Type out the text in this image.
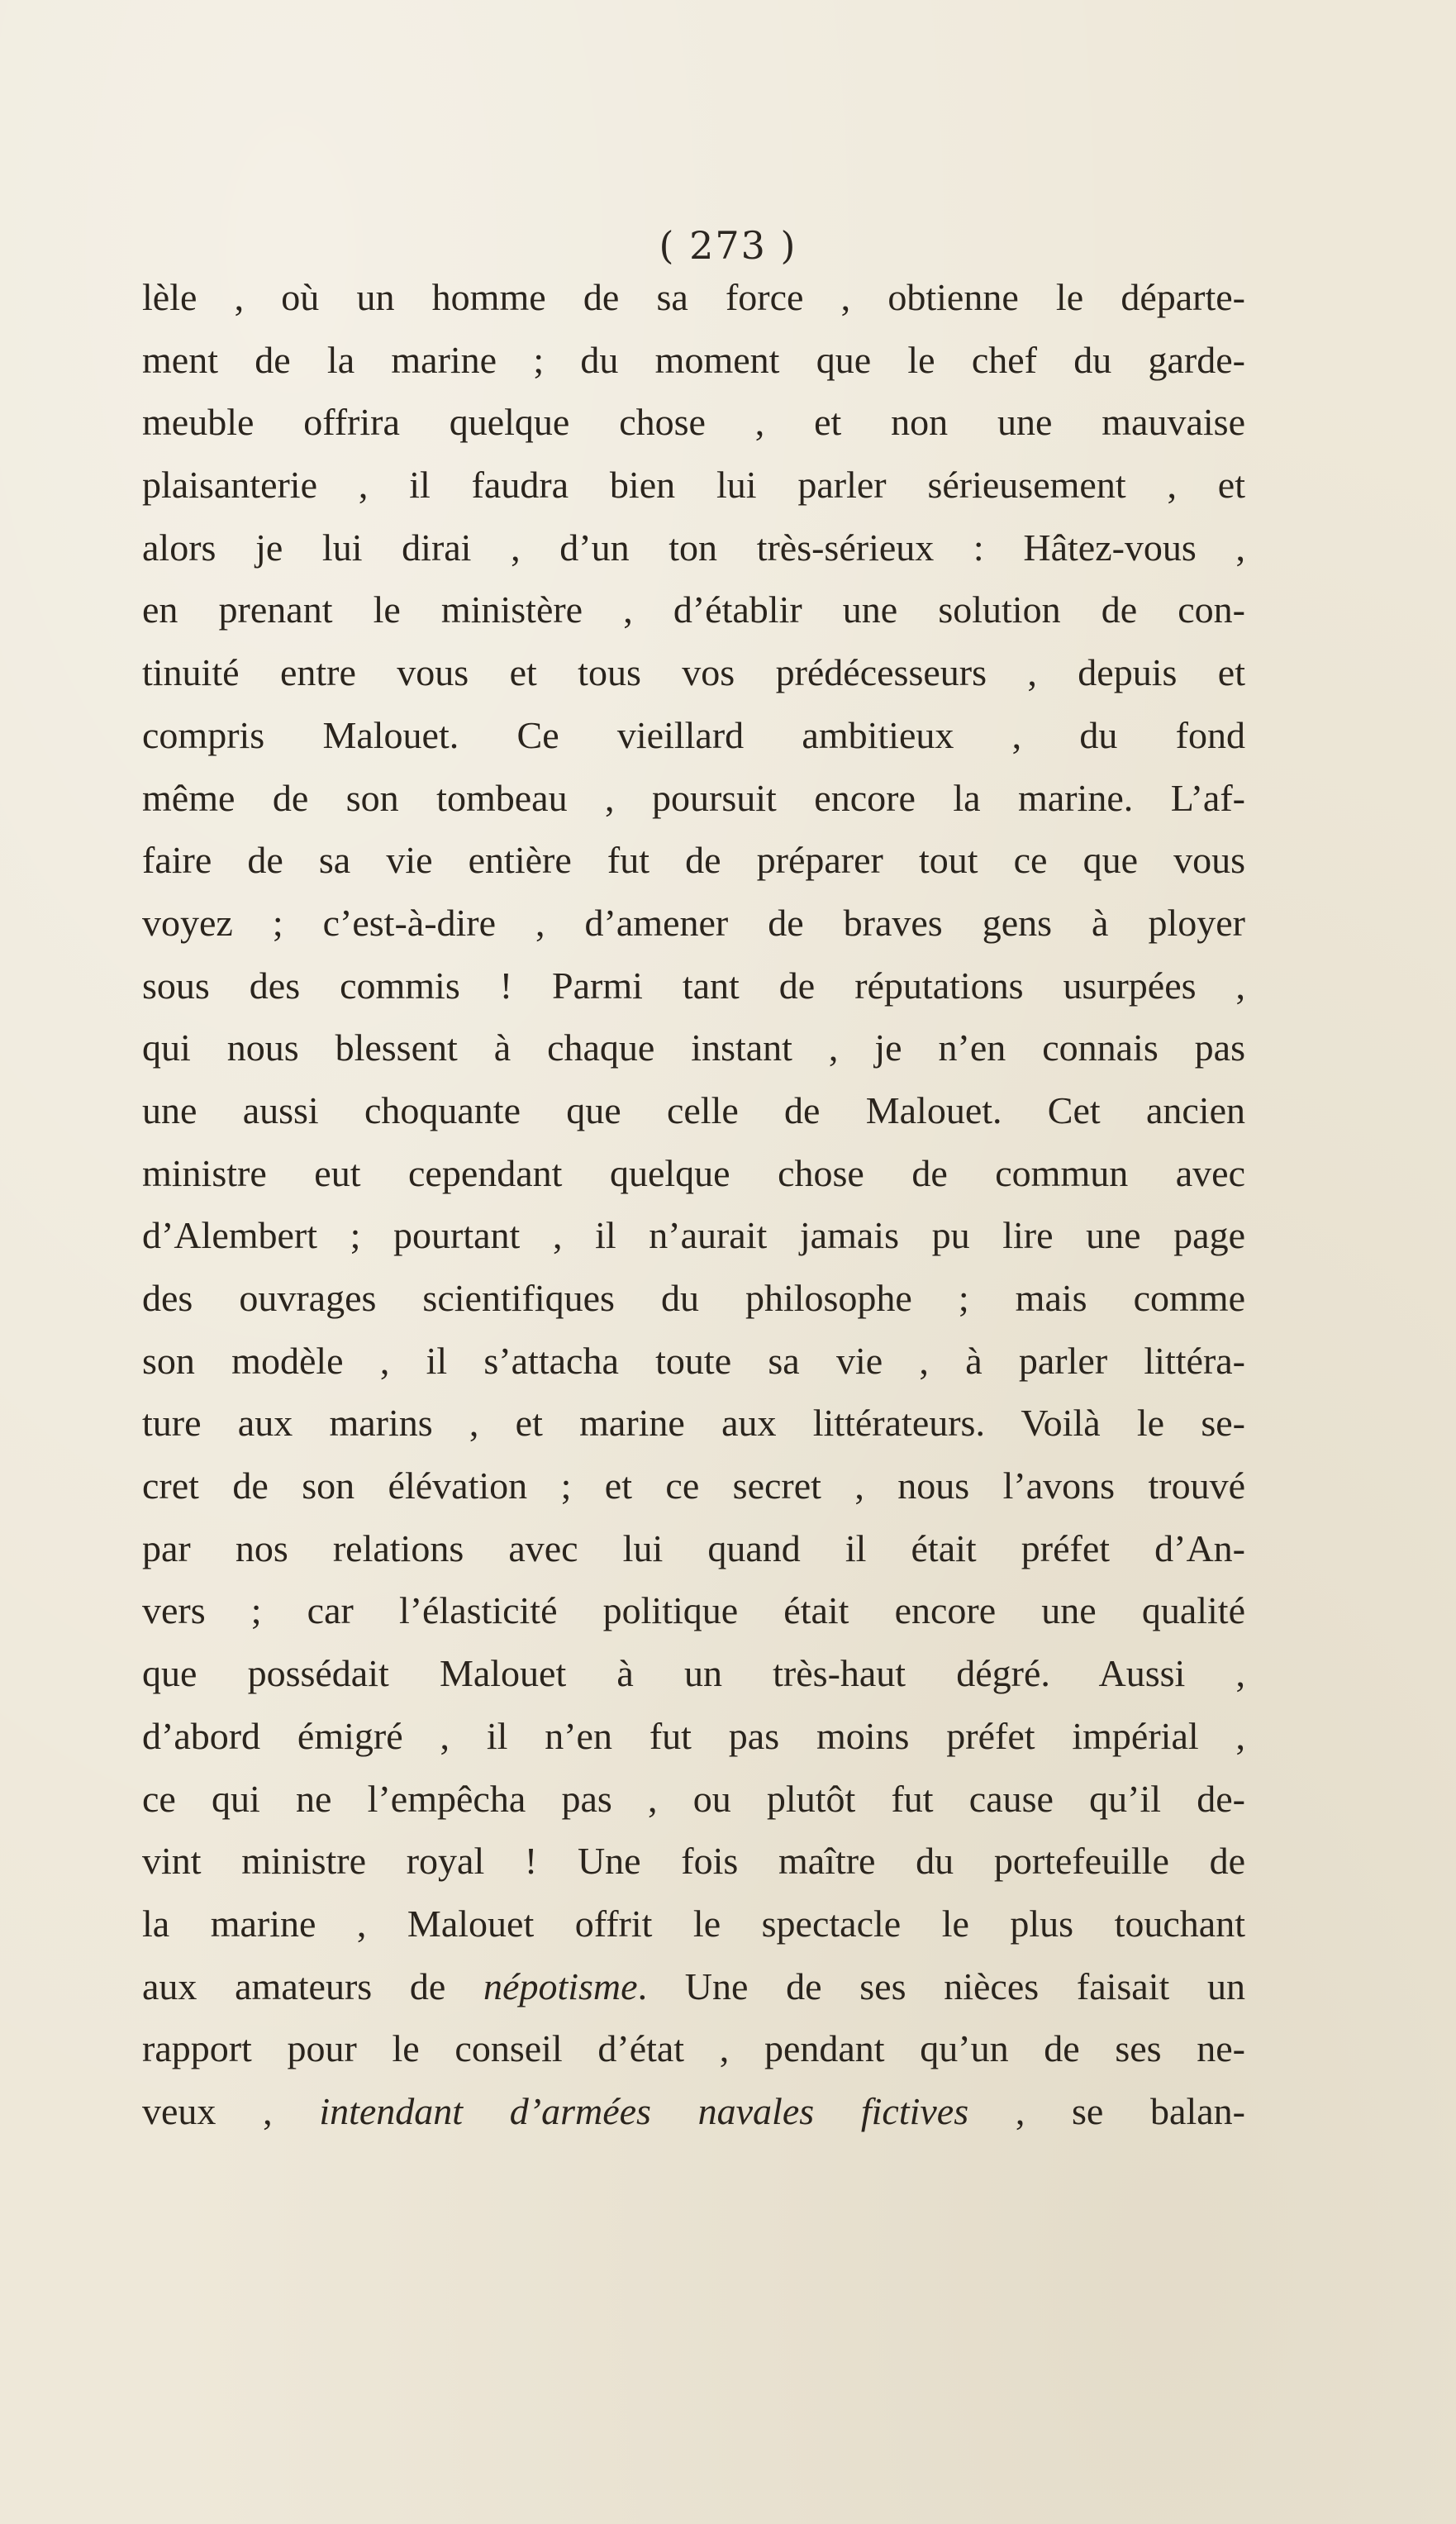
( 273 )
lèle , où un homme de sa force , obtienne le départe-
ment de la marine ; du moment que le chef du garde-
meuble offrira quelque chose , et non une mauvaise
plaisanterie , il faudra bien lui parler sérieusement , et
alors je lui dirai , d’un ton très-sérieux : Hâtez-vous ,
en prenant le ministère , d’établir une solution de con-
tinuité entre vous et tous vos prédécesseurs , depuis et
compris Malouet. Ce vieillard ambitieux , du fond
même de son tombeau , poursuit encore la marine. L’af-
faire de sa vie entière fut de préparer tout ce que vous
voyez ; c’est-à-dire , d’amener de braves gens à ployer
sous des commis ! Parmi tant de réputations usurpées ,
qui nous blessent à chaque instant , je n’en connais pas
une aussi choquante que celle de Malouet. Cet ancien
ministre eut cependant quelque chose de commun avec
d’Alembert ; pourtant , il n’aurait jamais pu lire une page
des ouvrages scientifiques du philosophe ; mais comme
son modèle , il s’attacha toute sa vie , à parler littéra-
ture aux marins , et marine aux littérateurs. Voilà le se-
cret de son élévation ; et ce secret , nous l’avons trouvé
par nos relations avec lui quand il était préfet d’An-
vers ; car l’élasticité politique était encore une qualité
que possédait Malouet à un très-haut dégré. Aussi ,
d’abord émigré , il n’en fut pas moins préfet impérial ,
ce qui ne l’empêcha pas , ou plutôt fut cause qu’il de-
vint ministre royal ! Une fois maître du portefeuille de
la marine , Malouet offrit le spectacle le plus touchant
aux amateurs de népotisme. Une de ses nièces faisait un
rapport pour le conseil d’état , pendant qu’un de ses ne-
veux , intendant d’armées navales fictives , se balan-
